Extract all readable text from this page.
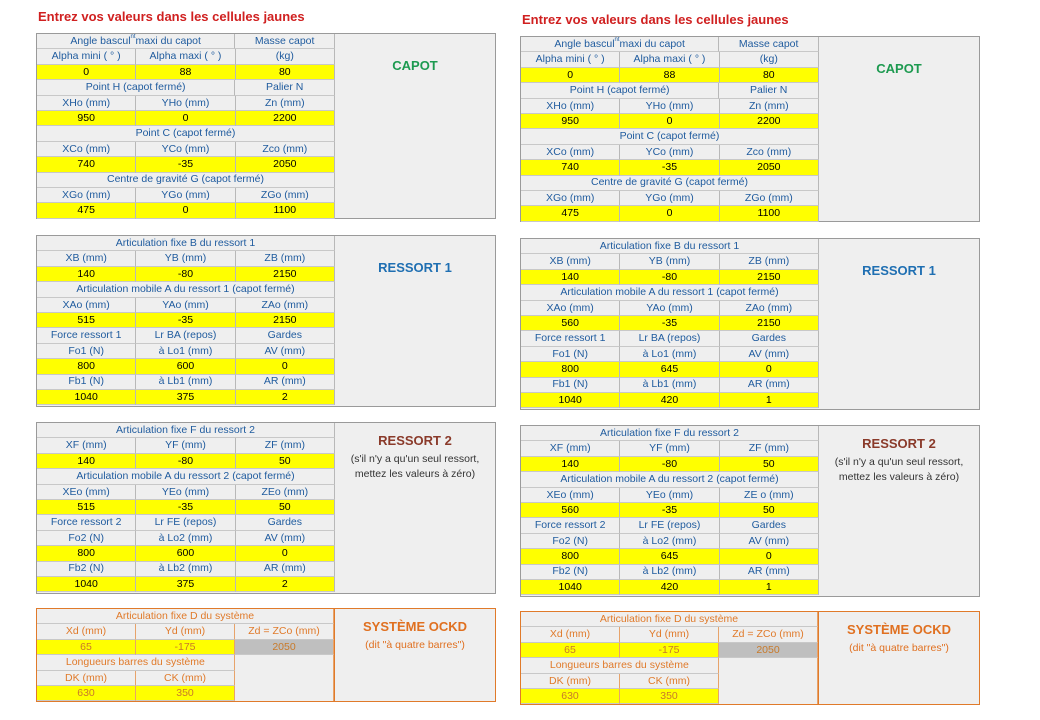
Entrez vos valeurs dans les cellules jaunes
Angle bascul$^{nt}$ maxi du capot	Masse capot
Alpha mini ( ° )	Alpha maxi ( ° )	(kg)
0	88	80
Point H (capot fermé)	Palier N
XHo (mm)	YHo (mm)	Zn (mm)
950	0	2200
Point C (capot fermé)
XCo (mm)	YCo (mm)	Zco (mm)
740	-35	2050
Centre de gravité G (capot fermé)
XGo (mm)	YGo (mm)	ZGo (mm)
475	0	1100
CAPOT
Articulation fixe B du ressort 1
XB (mm)	YB (mm)	ZB (mm)
140	-80	2150
Articulation mobile A du ressort 1 (capot fermé)
XAo (mm)	YAo (mm)	ZAo (mm)
515	-35	2150
Force ressort 1	Lr BA (repos)	Gardes
Fo1 (N)	à Lo1 (mm)	AV (mm)
800	600	0
Fb1 (N)	à Lb1 (mm)	AR (mm)
1040	375	2
RESSORT 1
Articulation fixe F du ressort 2
XF (mm)	YF (mm)	ZF (mm)
140	-80	50
Articulation mobile A du ressort 2 (capot fermé)
XEo (mm)	YEo (mm)	ZEo (mm)
515	-35	50
Force ressort 2	Lr FE (repos)	Gardes
Fo2 (N)	à Lo2 (mm)	AV (mm)
800	600	0
Fb2 (N)	à Lb2 (mm)	AR (mm)
1040	375	2
RESSORT 2
(s'il n'y a qu'un seul ressort,
mettez les valeurs à zéro)
Articulation fixe D du système
Xd (mm)	Yd (mm)	Zd = ZCo (mm)
65	-175	2050
Longueurs barres du système
DK (mm)	CK (mm)
630	350
SYSTÈME OCKD
(dit "à quatre barres")
Entrez vos valeurs dans les cellules jaunes
Angle bascul$^{nt}$ maxi du capot	Masse capot
Alpha mini ( ° )	Alpha maxi ( ° )	(kg)
0	88	80
Point H (capot fermé)	Palier N
XHo (mm)	YHo (mm)	Zn (mm)
950	0	2200
Point C (capot fermé)
XCo (mm)	YCo (mm)	Zco (mm)
740	-35	2050
Centre de gravité G (capot fermé)
XGo (mm)	YGo (mm)	ZGo (mm)
475	0	1100
CAPOT
Articulation fixe B du ressort 1
XB (mm)	YB (mm)	ZB (mm)
140	-80	2150
Articulation mobile A du ressort 1 (capot fermé)
XAo (mm)	YAo (mm)	ZAo (mm)
560	-35	2150
Force ressort 1	Lr BA (repos)	Gardes
Fo1 (N)	à Lo1 (mm)	AV (mm)
800	645	0
Fb1 (N)	à Lb1 (mm)	AR (mm)
1040	420	1
RESSORT 1
Articulation fixe F du ressort 2
XF (mm)	YF (mm)	ZF (mm)
140	-80	50
Articulation mobile A du ressort 2 (capot fermé)
XEo (mm)	YEo (mm)	ZE o (mm)
560	-35	50
Force ressort 2	Lr FE (repos)	Gardes
Fo2 (N)	à Lo2 (mm)	AV (mm)
800	645	0
Fb2 (N)	à Lb2 (mm)	AR (mm)
1040	420	1
RESSORT 2
(s'il n'y a qu'un seul ressort,
mettez les valeurs à zéro)
Articulation fixe D du système
Xd (mm)	Yd (mm)	Zd = ZCo (mm)
65	-175	2050
Longueurs barres du système
DK (mm)	CK (mm)
630	350
SYSTÈME OCKD
(dit "à quatre barres")
